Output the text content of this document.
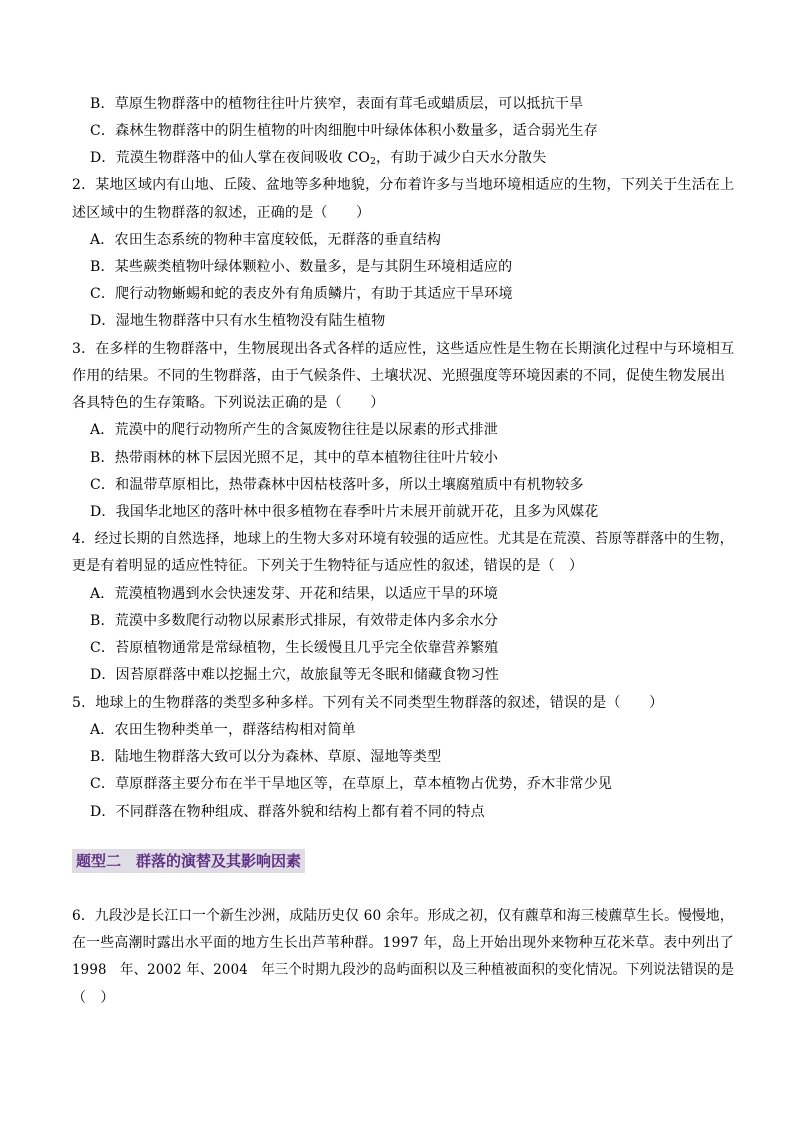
B．草原生物群落中的植物往往叶片狭窄，表面有茸毛或蜡质层，可以抵抗干旱
C．森林生物群落中的阴生植物的叶肉细胞中叶绿体体积小数量多，适合弱光生存
D．荒漠生物群落中的仙人掌在夜间吸收 $CO_2$，有助于减少白天水分散失
2．某地区域内有山地、丘陵、盆地等多种地貌，分布着许多与当地环境相适应的生物，下列关于生活在上
述区域中的生物群落的叙述，正确的是（　　）
A．农田生态系统的物种丰富度较低，无群落的垂直结构
B．某些蕨类植物叶绿体颗粒小、数量多，是与其阴生环境相适应的
C．爬行动物蜥蜴和蛇的表皮外有角质鳞片，有助于其适应干旱环境
D．湿地生物群落中只有水生植物没有陆生植物
3．在多样的生物群落中，生物展现出各式各样的适应性，这些适应性是生物在长期演化过程中与环境相互
作用的结果。不同的生物群落，由于气候条件、土壤状况、光照强度等环境因素的不同，促使生物发展出
各具特色的生存策略。下列说法正确的是（　　）
A．荒漠中的爬行动物所产生的含氮废物往往是以尿素的形式排泄
B．热带雨林的林下层因光照不足，其中的草本植物往往叶片较小
C．和温带草原相比，热带森林中因枯枝落叶多，所以土壤腐殖质中有机物较多
D．我国华北地区的落叶林中很多植物在春季叶片未展开前就开花，且多为风媒花
4．经过长期的自然选择，地球上的生物大多对环境有较强的适应性。尤其是在荒漠、苔原等群落中的生物，
更是有着明显的适应性特征。下列关于生物特征与适应性的叙述，错误的是（　）
A．荒漠植物遇到水会快速发芽、开花和结果，以适应干旱的环境
B．荒漠中多数爬行动物以尿素形式排尿，有效带走体内多余水分
C．苔原植物通常是常绿植物，生长缓慢且几乎完全依靠营养繁殖
D．因苔原群落中难以挖掘土穴，故旅鼠等无冬眠和储藏食物习性
5．地球上的生物群落的类型多种多样。下列有关不同类型生物群落的叙述，错误的是（　　）
A．农田生物种类单一，群落结构相对简单
B．陆地生物群落大致可以分为森林、草原、湿地等类型
C．草原群落主要分布在半干旱地区等，在草原上，草本植物占优势，乔木非常少见
D．不同群落在物种组成、群落外貌和结构上都有着不同的特点
题型二　群落的演替及其影响因素
6．九段沙是长江口一个新生沙洲，成陆历史仅 60 余年。形成之初，仅有藨草和海三棱藨草生长。慢慢地，
在一些高潮时露出水平面的地方生长出芦苇种群。1997 年，岛上开始出现外来物种互花米草。表中列出了
1998　年、2002 年、2004　年三个时期九段沙的岛屿面积以及三种植被面积的变化情况。下列说法错误的是
（　）
